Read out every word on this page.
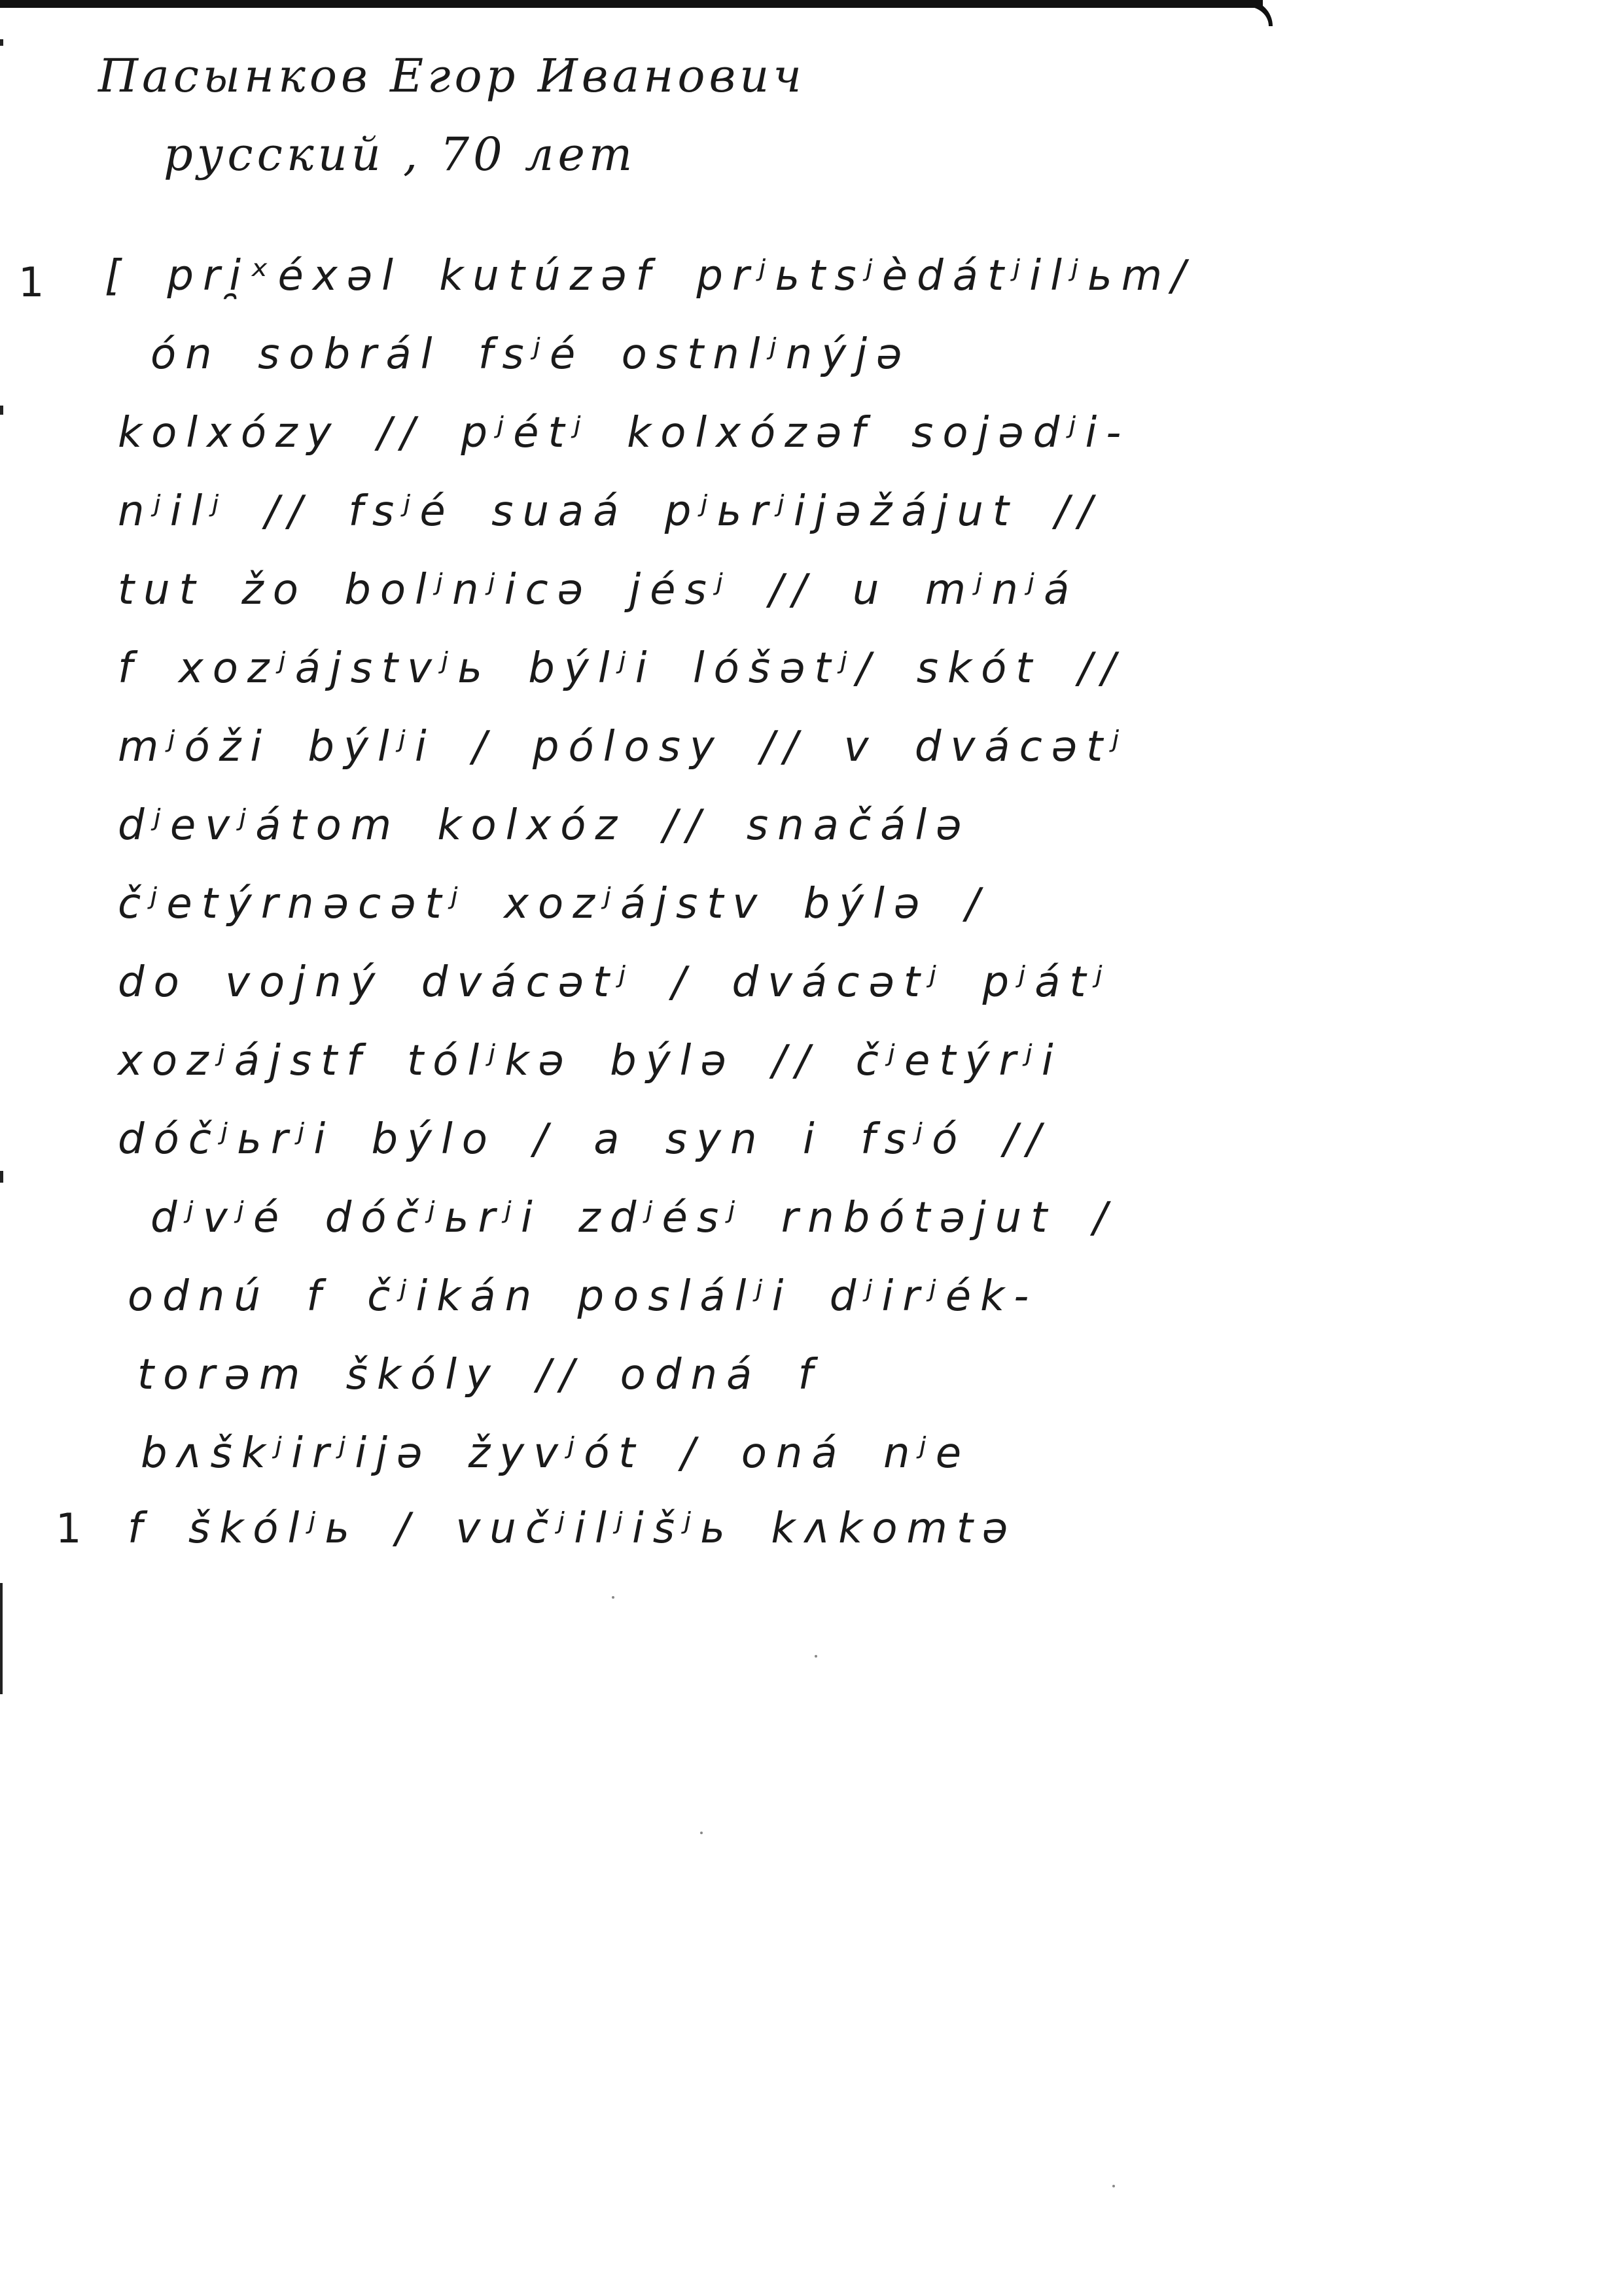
Пасынков Егор Иванович
русский , 70 лет
1
1
[ pri̯ˣéxəl kutúzəf prʲьtsʲèdátʲilʲьm/
ón sobrál fsʲé ostnlʲnýjə
kolxózy // pʲétʲ kolxózəf sojədʲi-
nʲilʲ // fsʲé suaá pʲьrʲijəžájut //
tut žo bolʲnʲicə jésʲ // u mʲnʲá
f xozʲájstvʲь býlʲi lóšətʲ/ skót //
mʲóži býlʲi / pólosy // v dvácətʲ
dʲevʲátom kolxóz // snačálə
čʲetýrnəcətʲ xozʲájstv býlə /
do vojný dvácətʲ / dvácətʲ pʲátʲ
xozʲájstf tólʲkə býlə // čʲetýrʲi
dóčʲьrʲi býlo / a syn i fsʲó //
dʲvʲé dóčʲьrʲi zdʲésʲ rnbótəjut /
odnú f čʲikán poslálʲi dʲirʲék-
torəm škóly // odná f
bʌškʲirʲijə žyvʲót / oná nʲe
f škólʲь / vučʲilʲišʲь kʌkomtə
